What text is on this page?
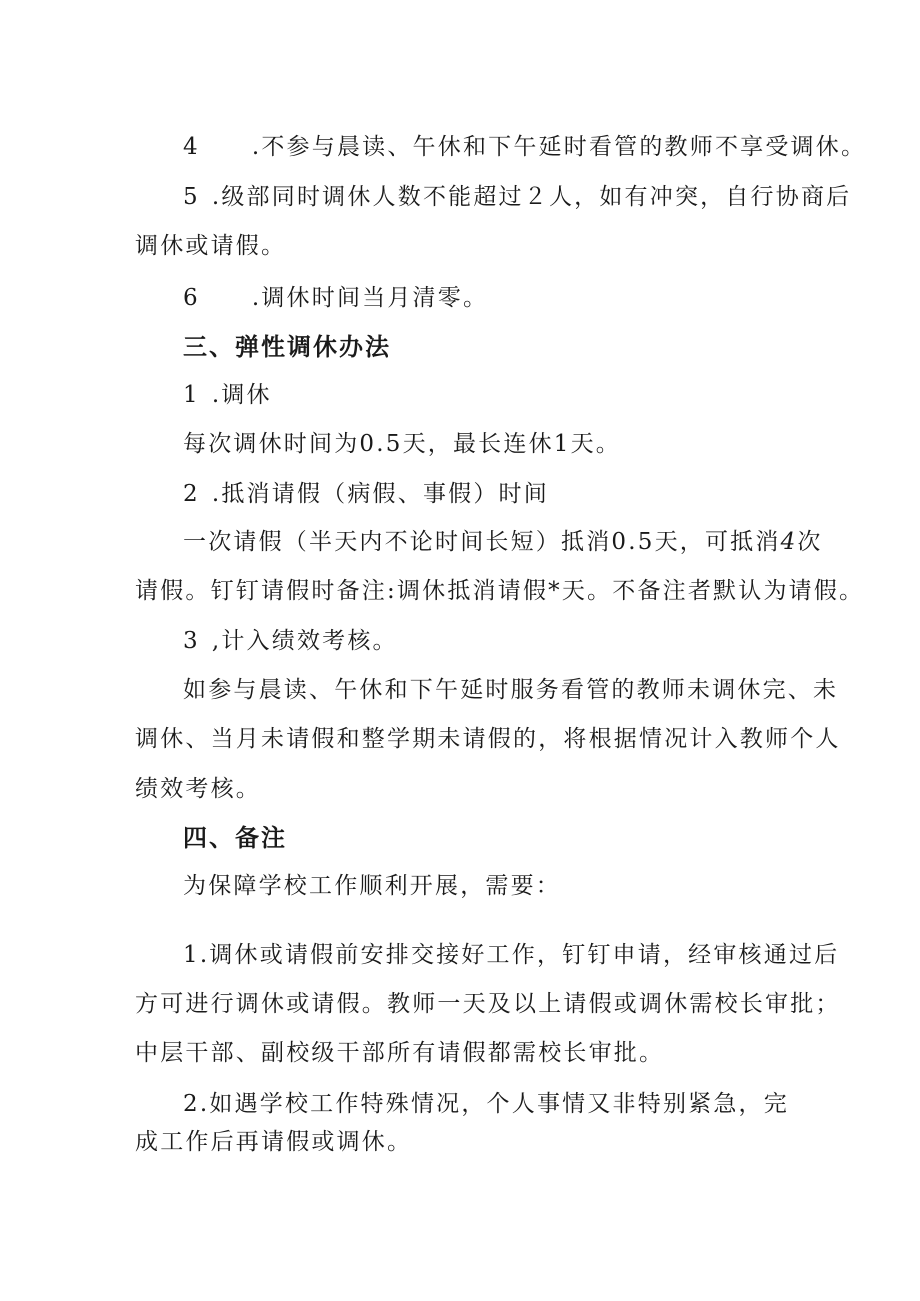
4 .不参与晨读、午休和下午延时看管的教师不享受调休。
5 .级部同时调休人数不能超过２人，如有冲突，自行协商后
调休或请假。
6 .调休时间当月清零。
三、弹性调休办法
1 .调休
每次调休时间为0.5天，最长连休1天。
2 .抵消请假（病假、事假）时间
一次请假（半天内不论时间长短）抵消0.5天，可抵消4次
请假。钉钉请假时备注:调休抵消请假*天。不备注者默认为请假。
3 ,计入绩效考核。
如参与晨读、午休和下午延时服务看管的教师未调休完、未
调休、当月未请假和整学期未请假的，将根据情况计入教师个人
绩效考核。
四、备注
为保障学校工作顺利开展，需要：
1.调休或请假前安排交接好工作，钉钉申请，经审核通过后
方可进行调休或请假。教师一天及以上请假或调休需校长审批；
中层干部、副校级干部所有请假都需校长审批。
2.如遇学校工作特殊情况，个人事情又非特别紧急，完
成工作后再请假或调休。
